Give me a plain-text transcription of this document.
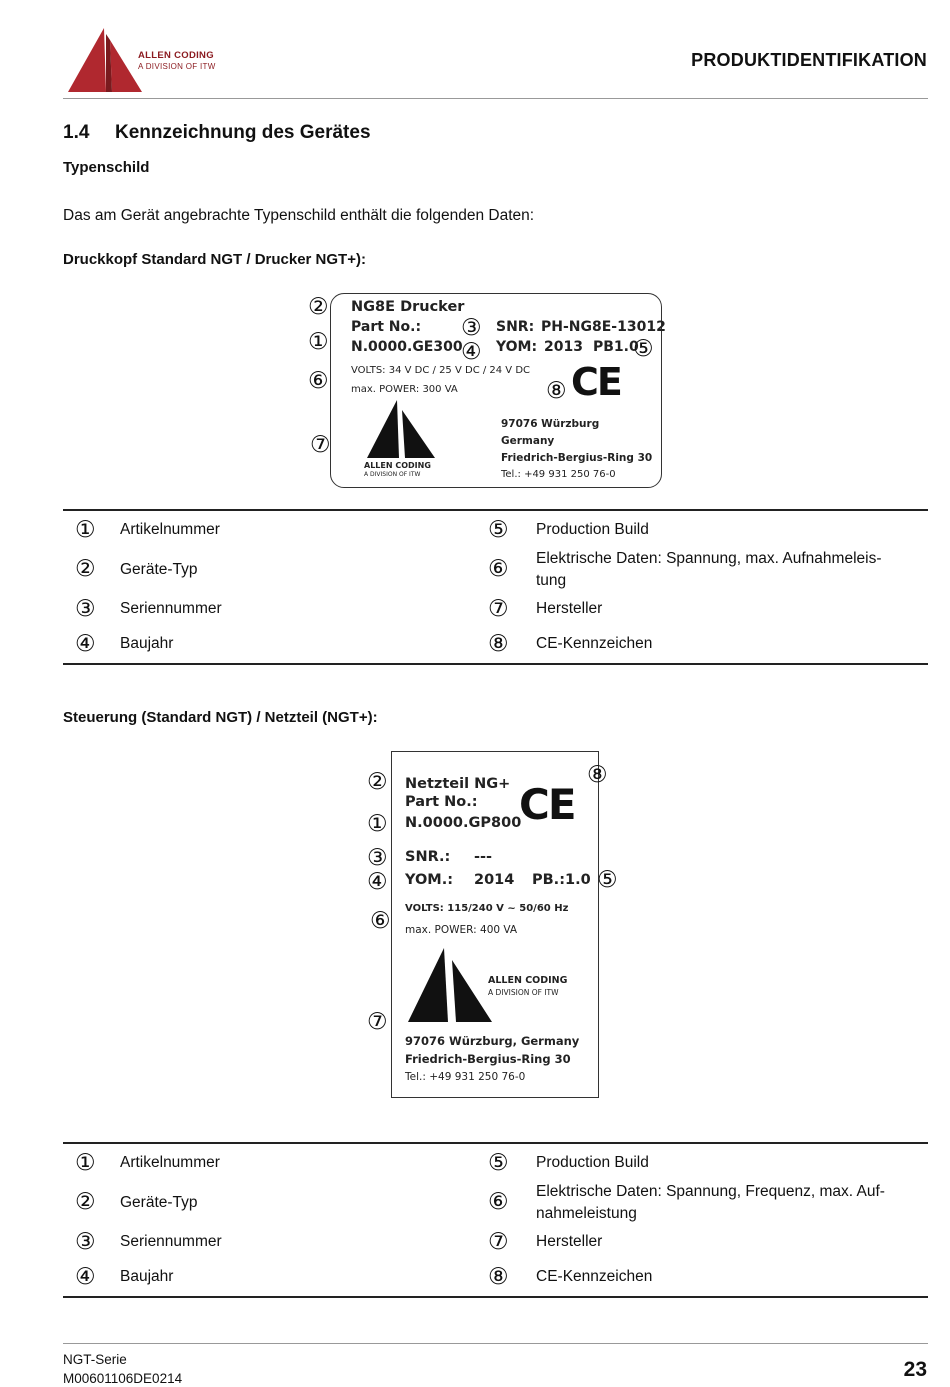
ALLEN CODING
A DIVISION OF ITW	PRODUKTIDENTIFIKATION
1.4 Kennzeichnung des Gerätes
Typenschild
Das am Gerät angebrachte Typenschild enthält die folgenden Daten:
Druckkopf Standard NGT / Drucker NGT+):
NG8E Drucker
Part No.:
N.0000.GE300
SNR: PH-NG8E-13012
YOM: 2013 PB1.0
VOLTS: 34 V DC / 25 V DC / 24 V DC
max. POWER: 300 VA	CE
ALLEN CODING
A DIVISION OF ITW
97076 Würzburg
Germany
Friedrich-Bergius-Ring 30
Tel.: +49 931 250 76-0
②
①
⑥
⑦
③
④	⑤
⑧
① Artikelnummer	⑤ Production Build
② Geräte-Typ	⑥ Elektrische Daten: Spannung, max. Aufnahmeleis-
tung
③ Seriennummer	⑦ Hersteller
④ Baujahr	⑧ CE-Kennzeichen
Steuerung (Standard NGT) / Netzteil (NGT+):
Netzteil NG+
Part No.:
N.0000.GP800
CE
SNR.: ---
YOM.: 2014 PB.:1.0
VOLTS: 115/240 V ~ 50/60 Hz
max. POWER: 400 VA
ALLEN CODING
A DIVISION OF ITW
97076 Würzburg, Germany
Friedrich-Bergius-Ring 30
Tel.: +49 931 250 76-0
②
①
③
④
⑥
⑦
⑧
⑤
① Artikelnummer	⑤ Production Build
② Geräte-Typ	⑥ Elektrische Daten: Spannung, Frequenz, max. Auf-
nahmeleistung
③ Seriennummer	⑦ Hersteller
④ Baujahr	⑧ CE-Kennzeichen
NGT-Serie
M00601106DE0214	23
